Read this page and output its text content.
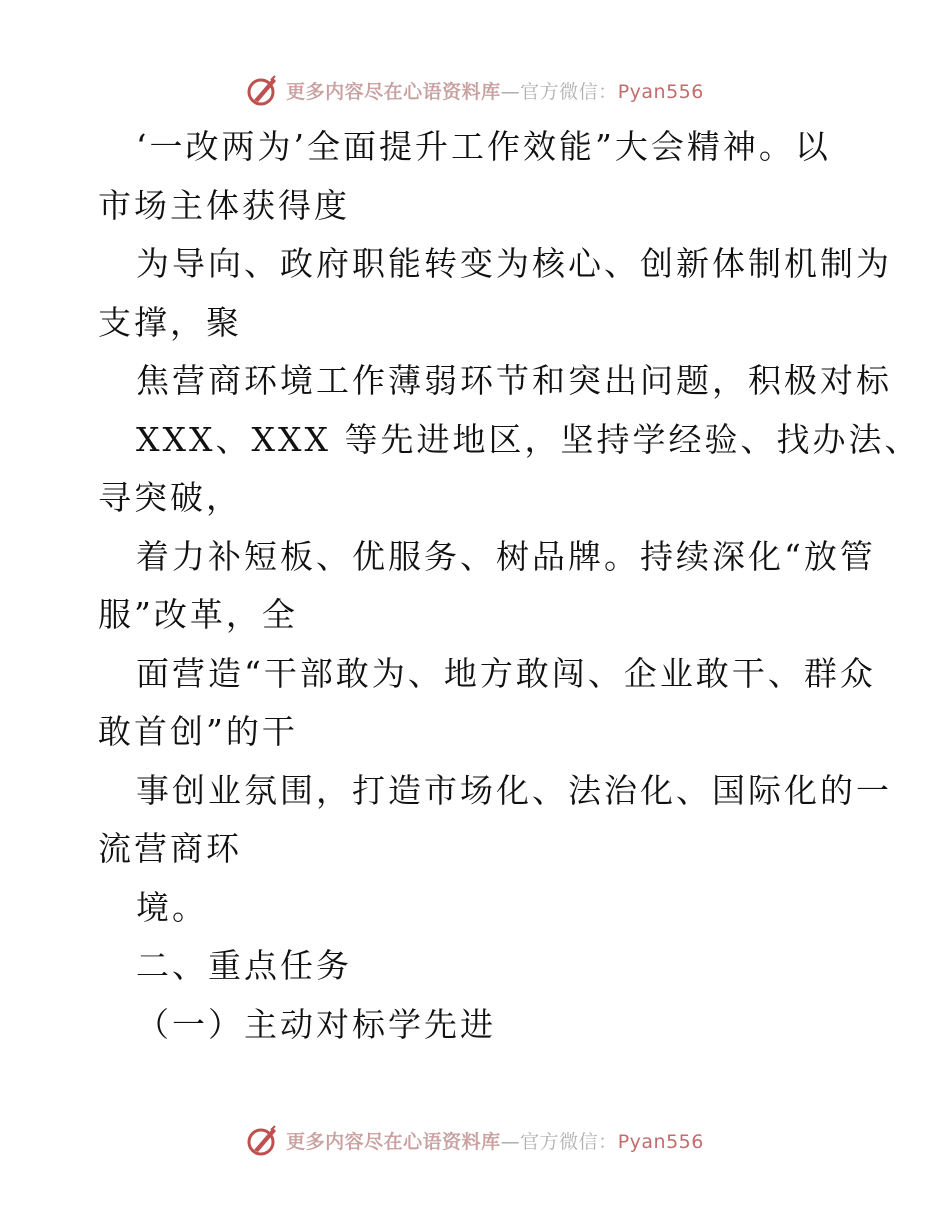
更多内容尽在心语资料库—官方微信：Pyan556
‘一改两为’全面提升工作效能”大会精神。以
市场主体获得度
为导向、政府职能转变为核心、创新体制机制为
支撑，聚
焦营商环境工作薄弱环节和突出问题，积极对标
XXX、XXX 等先进地区，坚持学经验、找办法、
寻突破，
着力补短板、优服务、树品牌。持续深化“放管
服”改革，全
面营造“干部敢为、地方敢闯、企业敢干、群众
敢首创”的干
事创业氛围，打造市场化、法治化、国际化的一
流营商环
境。
二、重点任务
（一）主动对标学先进
更多内容尽在心语资料库—官方微信：Pyan556
